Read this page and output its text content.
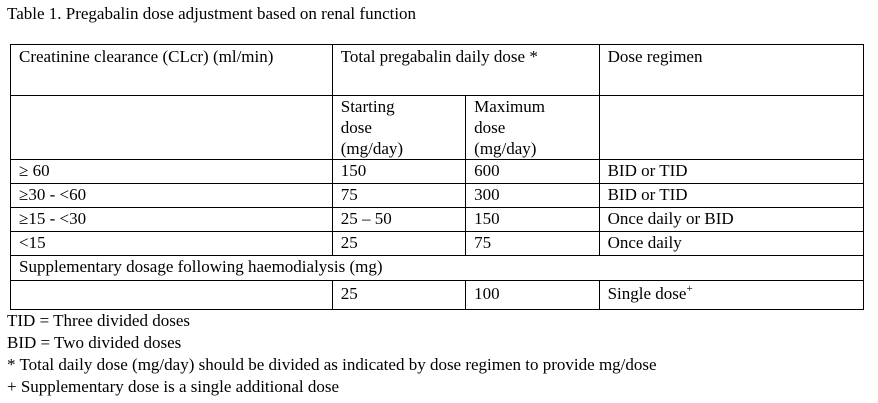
Table 1. Pregabalin dose adjustment based on renal function
Creatinine clearance (CLcr) (ml/min)	Total pregabalin daily dose *		Dose regimen
	Starting dose (mg/day)	Maximum dose (mg/day)	
≥ 60	150	600	BID or TID
≥30 - <60	75	300	BID or TID
≥15 - <30	25 – 50	150	Once daily or BID
<15	25	75	Once daily
Supplementary dosage following haemodialysis (mg)			
	25	100	Single dose+
TID = Three divided doses
BID = Two divided doses
* Total daily dose (mg/day) should be divided as indicated by dose regimen to provide mg/dose
+ Supplementary dose is a single additional dose
